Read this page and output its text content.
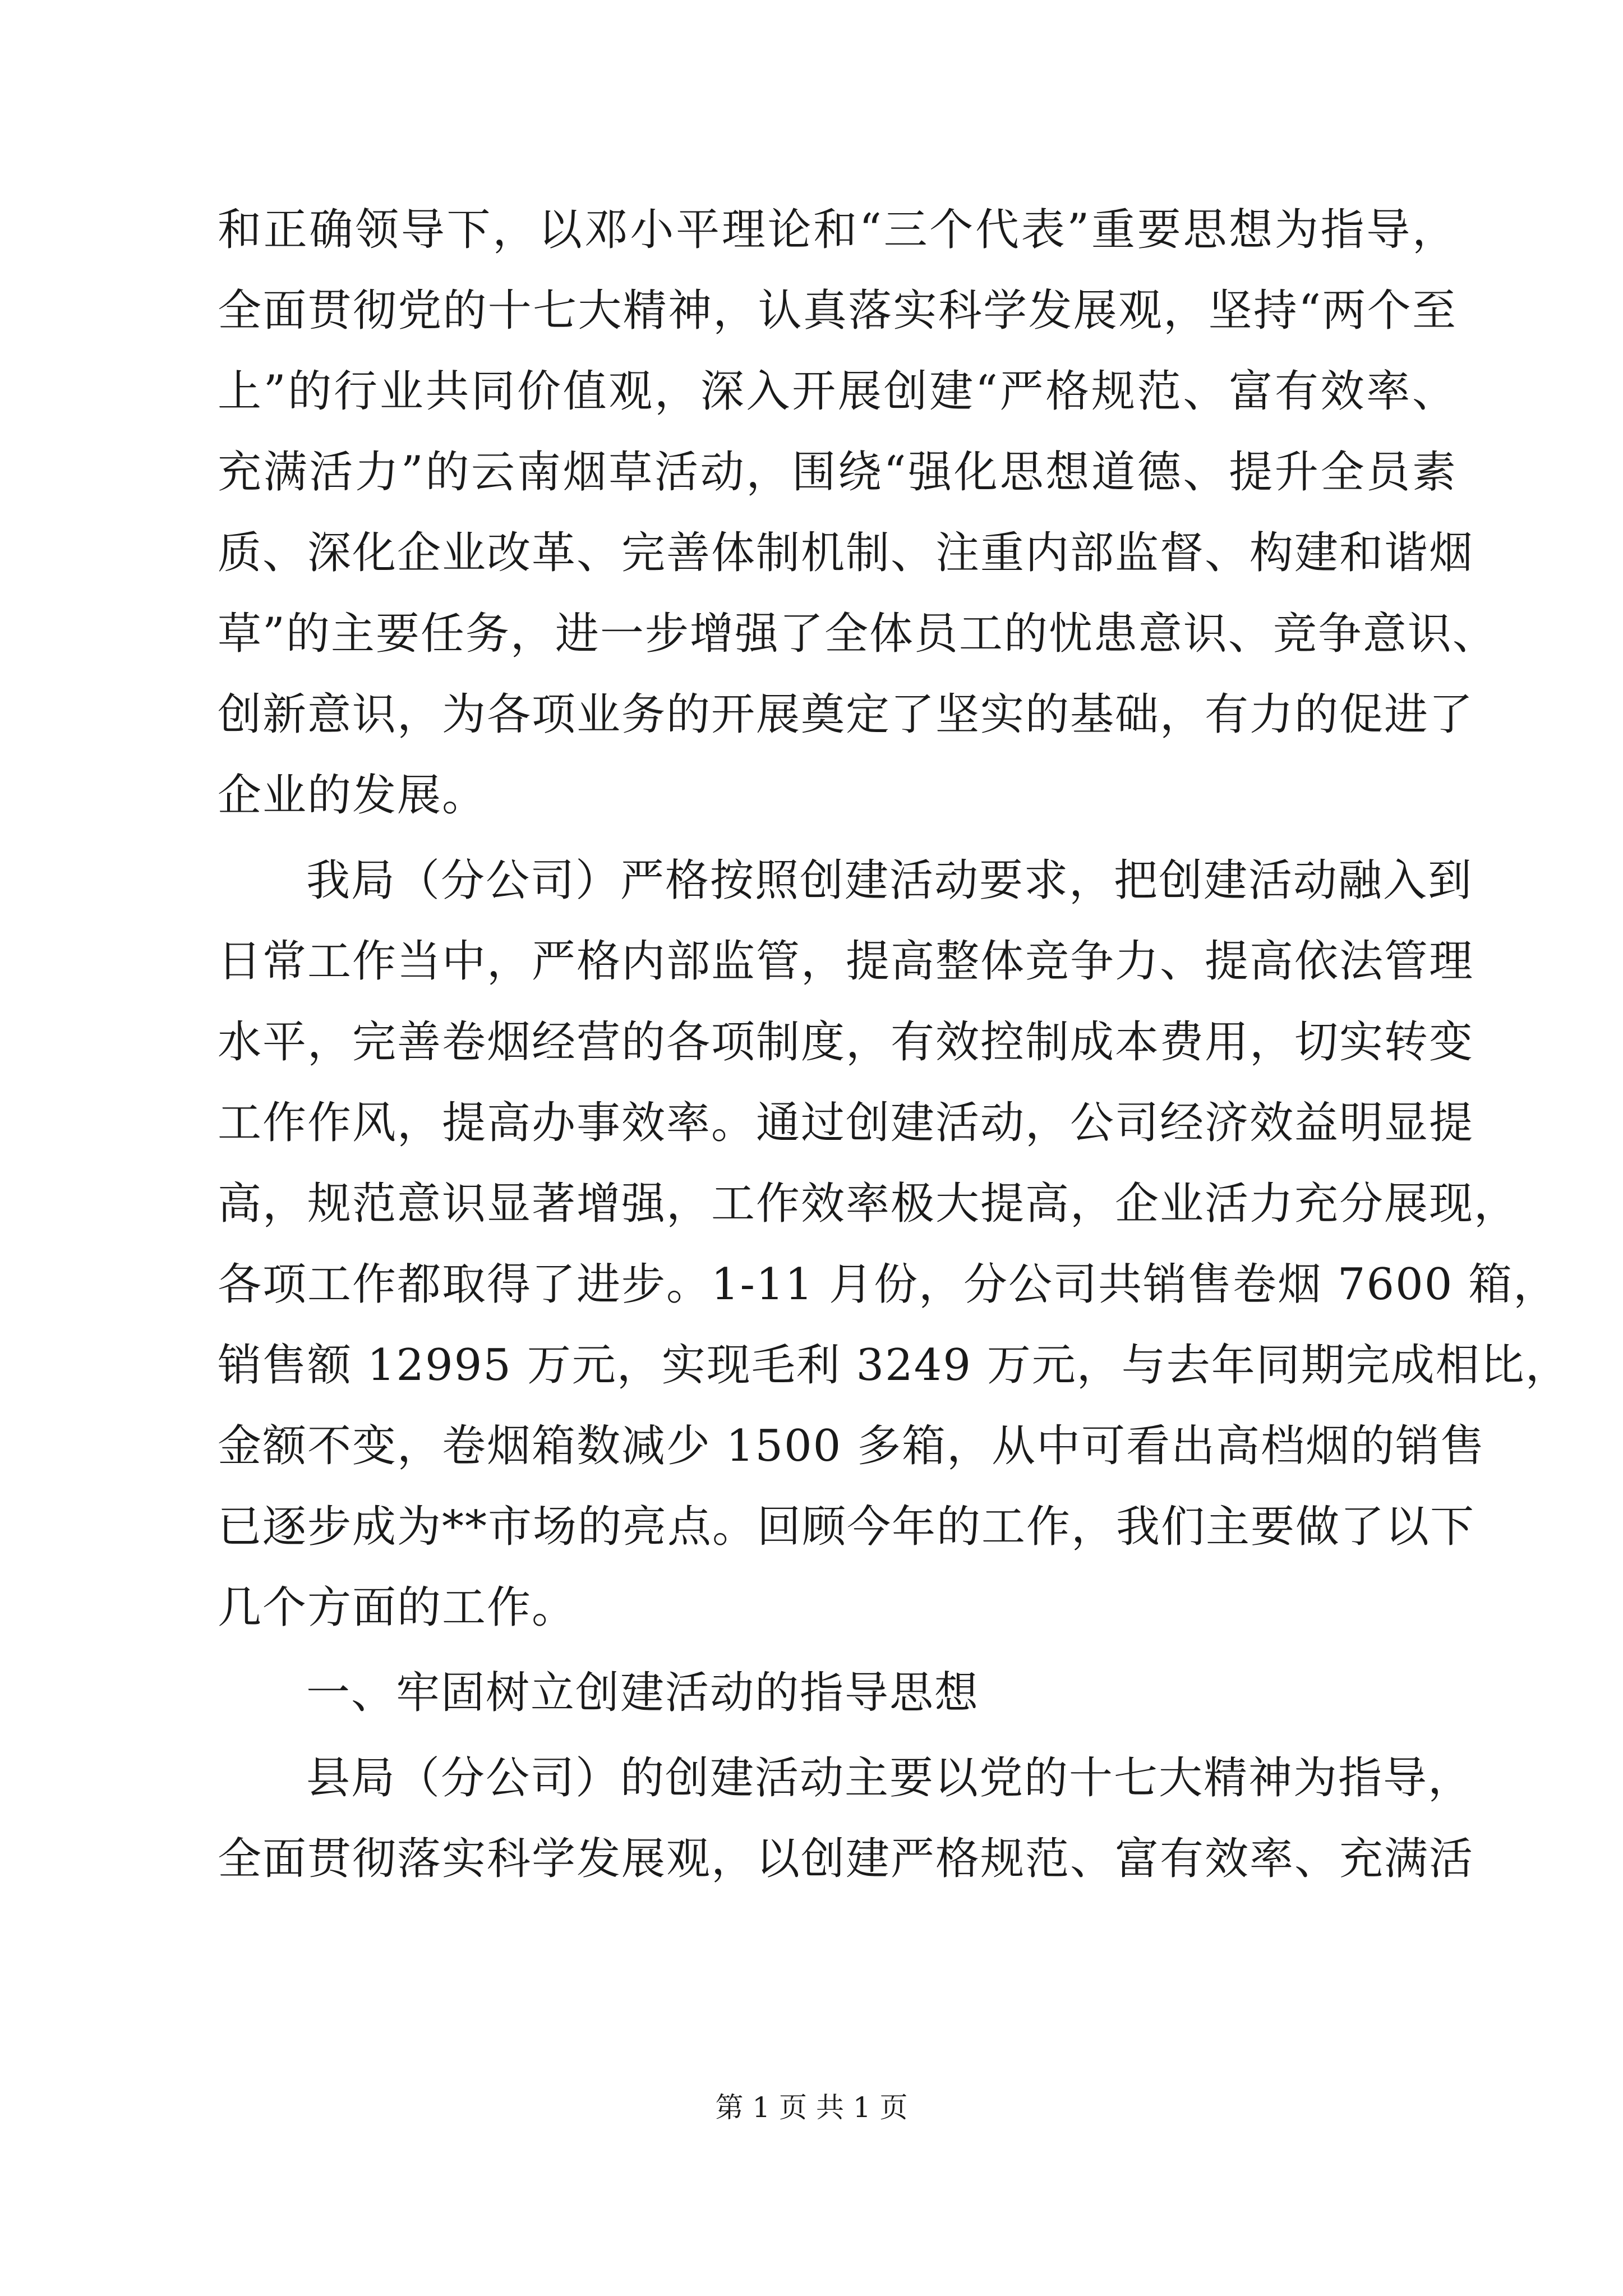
和正确领导下，以邓小平理论和“三个代表”重要思想为指导，
全面贯彻党的十七大精神，认真落实科学发展观，坚持“两个至
上”的行业共同价值观，深入开展创建“严格规范、富有效率、
充满活力”的云南烟草活动，围绕“强化思想道德、提升全员素
质、深化企业改革、完善体制机制、注重内部监督、构建和谐烟
草”的主要任务，进一步增强了全体员工的忧患意识、竞争意识、
创新意识，为各项业务的开展奠定了坚实的基础，有力的促进了
企业的发展。
我局（分公司）严格按照创建活动要求，把创建活动融入到
日常工作当中，严格内部监管，提高整体竞争力、提高依法管理
水平，完善卷烟经营的各项制度，有效控制成本费用，切实转变
工作作风，提高办事效率。通过创建活动，公司经济效益明显提
高，规范意识显著增强，工作效率极大提高，企业活力充分展现，
各项工作都取得了进步。1-11 月份，分公司共销售卷烟 7600 箱，
销售额 12995 万元，实现毛利 3249 万元，与去年同期完成相比，
金额不变，卷烟箱数减少 1500 多箱，从中可看出高档烟的销售
已逐步成为**市场的亮点。回顾今年的工作，我们主要做了以下
几个方面的工作。
一、牢固树立创建活动的指导思想
县局（分公司）的创建活动主要以党的十七大精神为指导，
全面贯彻落实科学发展观，以创建严格规范、富有效率、充满活
第 1 页 共 1 页
